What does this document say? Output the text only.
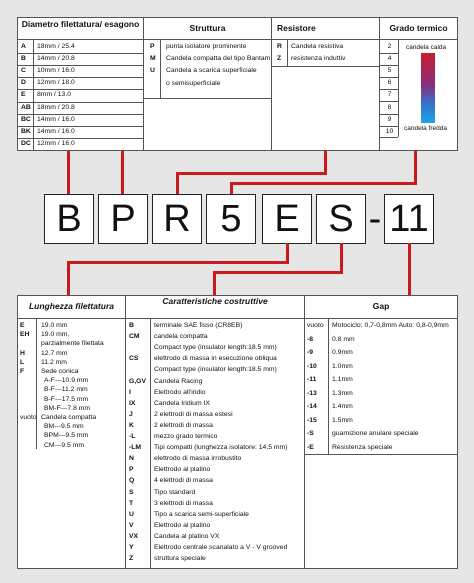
Diametro filettatura/ esagono
A 18mm / 25.4
B 14mm / 20.8
C 10mm / 16.0
D 12mm / 18.0
E 8mm / 13.0
AB 18mm / 20.8
BC 14mm / 16.0
BK 14mm / 16.0
DC 12mm / 16.0
Struttura
P punta isolatore prominente
M Candela compatta del tipo Bantam
U Candela a scarica superficiale
o semisuperficiale
Resistore
R Candela resistiva
Z resistenza induttiv
Grado termico
2
4
5
6
7
8
9
10
candela calda
candela fredda
B P R 5 E S - 11
Lunghezza filettatura
E 19.0 mm
EH 19.0 mm,
parzialmente filettata
H 12.7 mm
L 11.2 mm
F Sede conica
A-F---10.9 mm
B-F---11.2 mm
B-F---17.5 mm
BM-F---7.8 mm
vuoto Candela compatta
BM---9.5 mm
BPM---9.5 mm
CM---9.5 mm
Caratteristiche costruttive
B	terminale SAE fisso (CR8EB)
CM candela compatta
Compact type (insulator length:18.5 mm)
CS elettrodo di massa in esecuzione obliqua
Compact type (insulator length:18.5 mm)
G,GV Candela Racing
I	Elettrodo all'iridio
IX	Candela Iridium IX
J	2 elettrodi di massa estesi
K	2 elettrodi di massa
-L	mezzo grado termico
-LM Tipi compatti (lunghezza isolatore: 14,5 mm)
N	elettrodo di massa irrobustito
P	Elettrodo al platino
Q	4 elettrodi di massa
S	Tipo standard
T	3 elettrodi di massa
U	Tipo a scarica semi-superficiale
V	Elettrodo al platino
VX Candela al platino VX
Y	Elettrodo centrale scanalato a V - V grooved
Z	struttura speciale
Gap
vuoto Motociclo: 0,7-0,8mm Auto: 0,8-0,9mm
-8	0.8 mm
-9	0.9mm
-10 1.0mm
-11 1.1mm
-13 1.3mm
-14 1.4mm
-15 1.5mm
-S	guarnizione anulare speciale
-E	Resistenza speciale
